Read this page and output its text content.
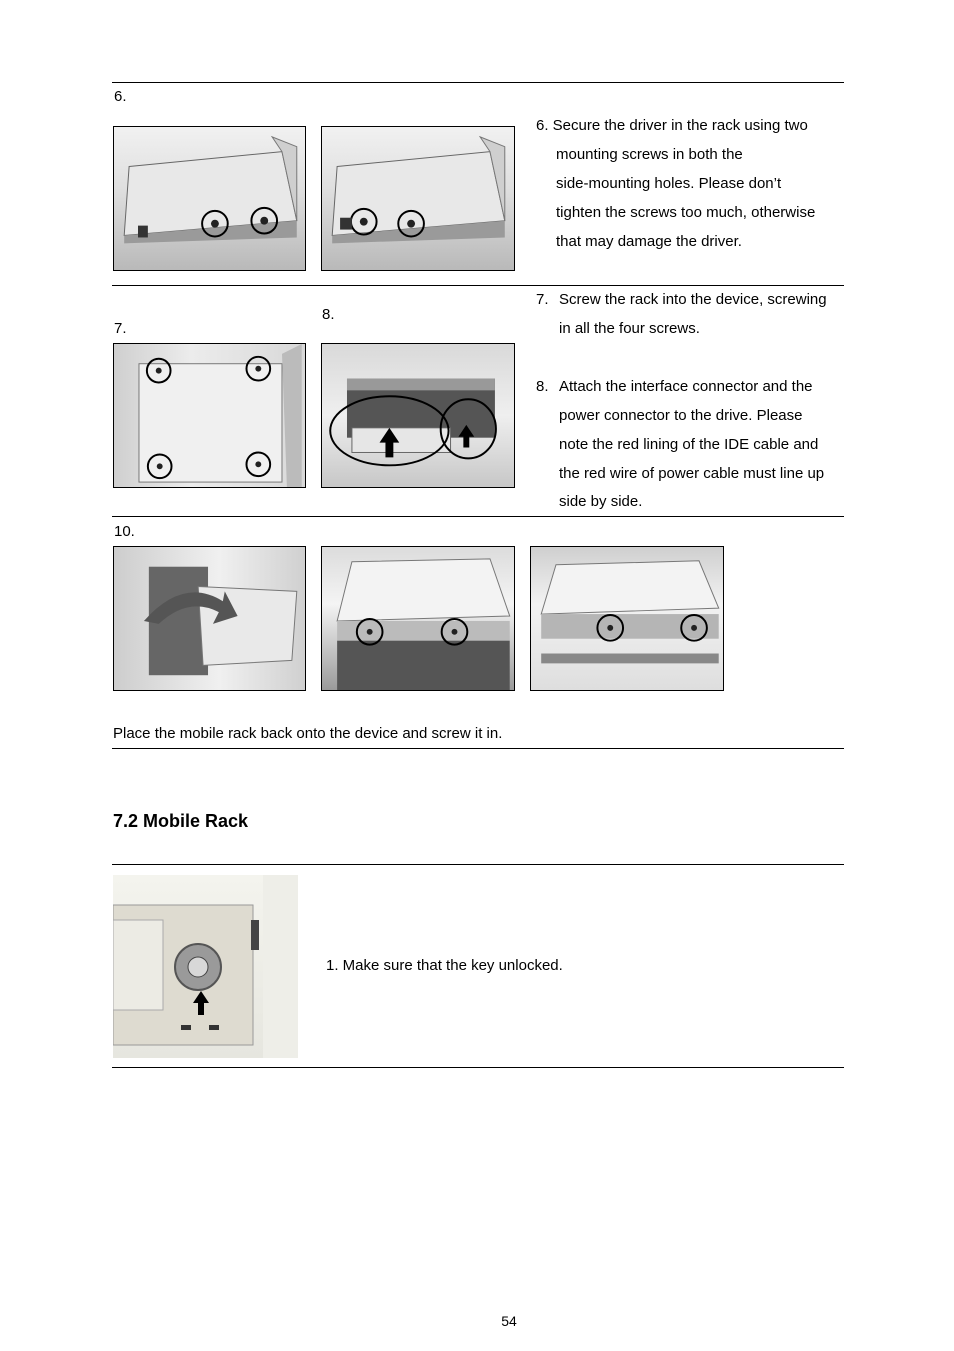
6.
6. Secure the driver in the rack using two
mounting screws in both the
side-mounting holes. Please don’t
tighten the screws too much, otherwise
that may damage the driver.
7.
8.
7. Screw the rack into the device, screwing
in all the four screws.
8. Attach the interface connector and the
power connector to the drive. Please
note the red lining of the IDE cable and
the red wire of power cable must line up
side by side.
10.
Place the mobile rack back onto the device and screw it in.
7.2 Mobile Rack
1. Make sure that the key unlocked.
54
